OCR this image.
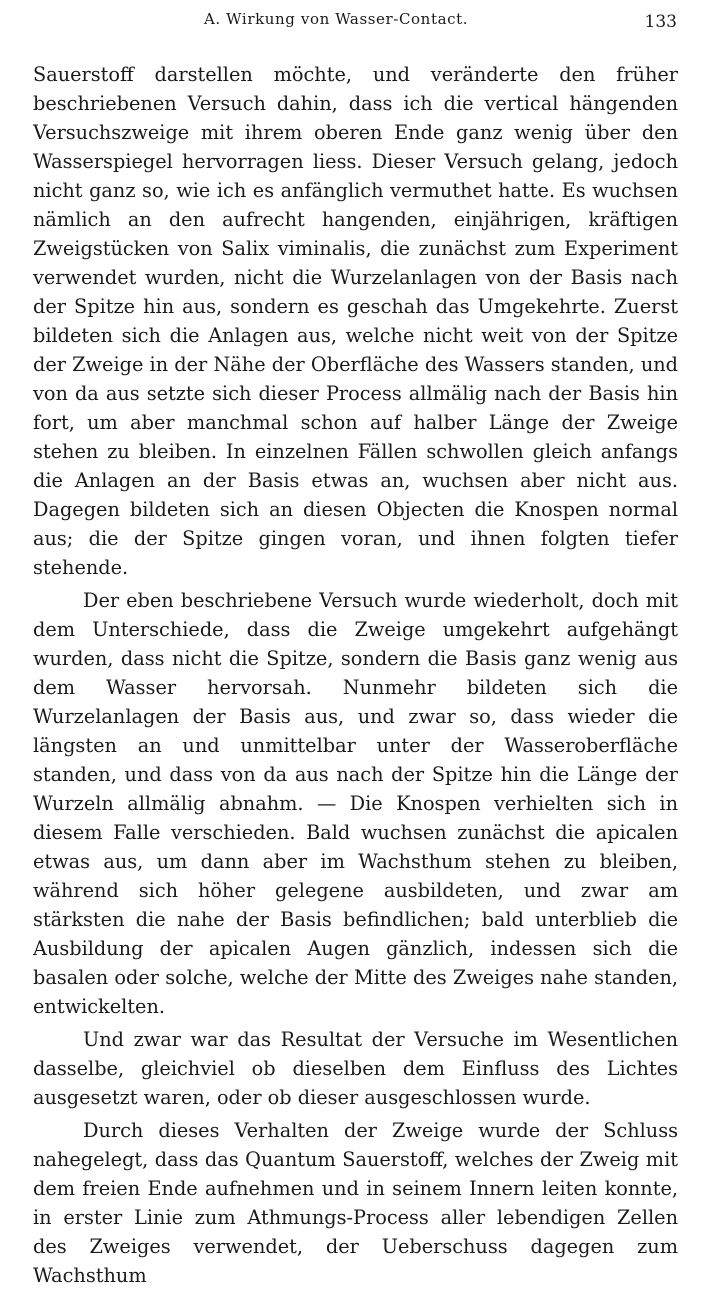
A. Wirkung von Wasser-Contact.	133

Sauerstoff darstellen möchte, und veränderte den früher beschriebenen Versuch dahin, dass ich die vertical hängenden Versuchszweige mit ihrem oberen Ende ganz wenig über den Wasserspiegel hervorragen liess. Dieser Versuch gelang, jedoch nicht ganz so, wie ich es anfänglich vermuthet hatte. Es wuchsen nämlich an den aufrecht hangenden, einjährigen, kräftigen Zweigstücken von Salix viminalis, die zunächst zum Experiment verwendet wurden, nicht die Wurzelanlagen von der Basis nach der Spitze hin aus, sondern es geschah das Umgekehrte. Zuerst bildeten sich die Anlagen aus, welche nicht weit von der Spitze der Zweige in der Nähe der Oberfläche des Wassers standen, und von da aus setzte sich dieser Process allmälig nach der Basis hin fort, um aber manchmal schon auf halber Länge der Zweige stehen zu bleiben. In einzelnen Fällen schwollen gleich anfangs die Anlagen an der Basis etwas an, wuchsen aber nicht aus. Dagegen bildeten sich an diesen Objecten die Knospen normal aus; die der Spitze gingen voran, und ihnen folgten tiefer stehende.

Der eben beschriebene Versuch wurde wiederholt, doch mit dem Unterschiede, dass die Zweige umgekehrt aufgehängt wurden, dass nicht die Spitze, sondern die Basis ganz wenig aus dem Wasser hervorsah. Nunmehr bildeten sich die Wurzelanlagen der Basis aus, und zwar so, dass wieder die längsten an und unmittelbar unter der Wasseroberfläche standen, und dass von da aus nach der Spitze hin die Länge der Wurzeln allmälig abnahm. — Die Knospen verhielten sich in diesem Falle verschieden. Bald wuchsen zunächst die apicalen etwas aus, um dann aber im Wachsthum stehen zu bleiben, während sich höher gelegene ausbildeten, und zwar am stärksten die nahe der Basis befindlichen; bald unterblieb die Ausbildung der apicalen Augen gänzlich, indessen sich die basalen oder solche, welche der Mitte des Zweiges nahe standen, entwickelten.

Und zwar war das Resultat der Versuche im Wesentlichen dasselbe, gleichviel ob dieselben dem Einfluss des Lichtes ausgesetzt waren, oder ob dieser ausgeschlossen wurde.

Durch dieses Verhalten der Zweige wurde der Schluss nahegelegt, dass das Quantum Sauerstoff, welches der Zweig mit dem freien Ende aufnehmen und in seinem Innern leiten konnte, in erster Linie zum Athmungs-Process aller lebendigen Zellen des Zweiges verwendet, der Ueberschuss dagegen zum Wachsthum
